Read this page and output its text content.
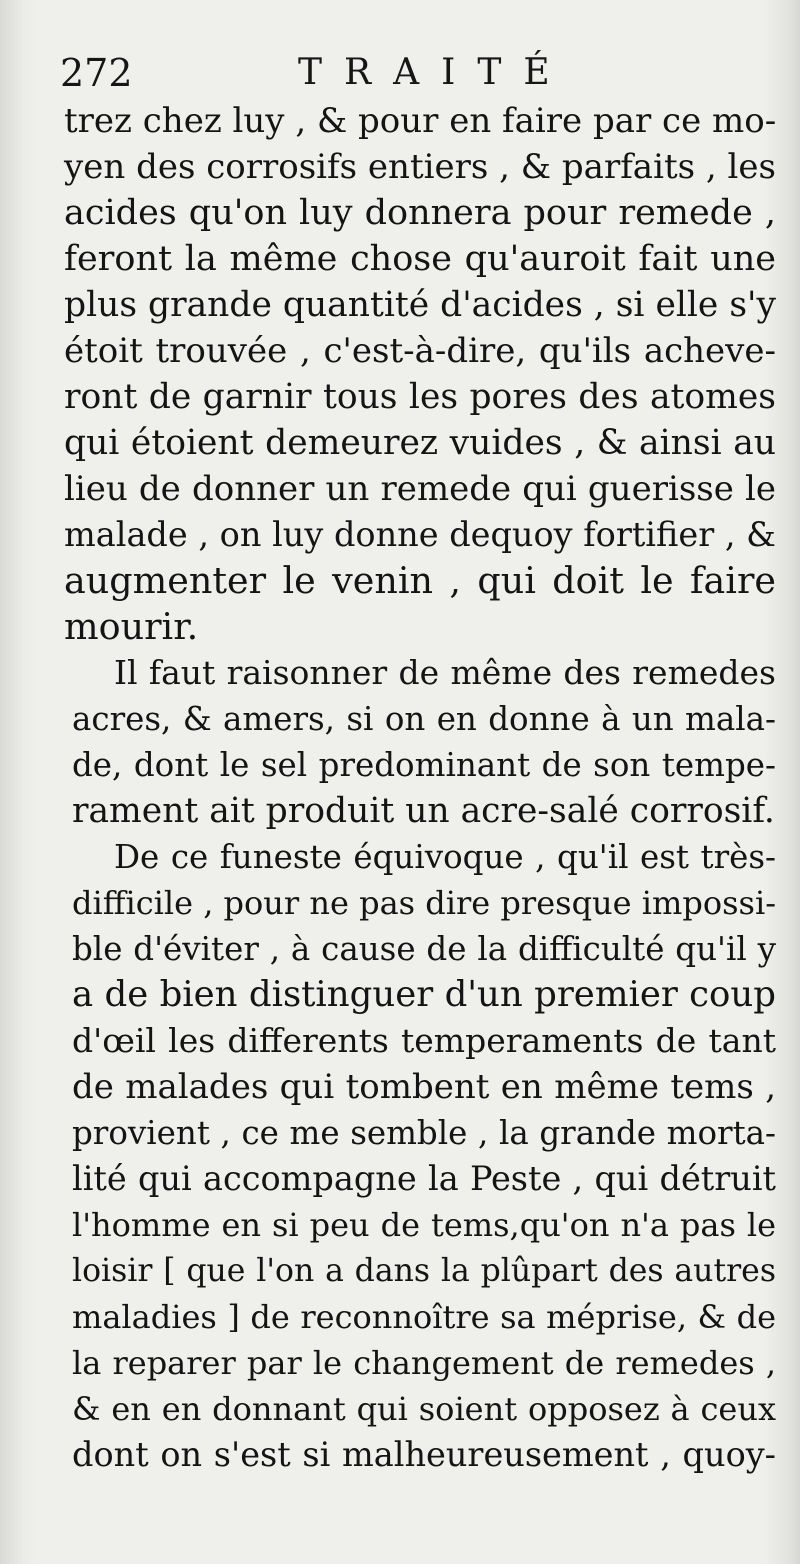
272	TRAITÉ
trez chez luy , & pour en faire par ce mo-
yen des corrosifs entiers , & parfaits , les
acides qu'on luy donnera pour remede ,
feront la même chose qu'auroit fait une
plus grande quantité d'acides , si elle s'y
étoit trouvée , c'est-à-dire, qu'ils acheve-
ront de garnir tous les pores des atomes
qui étoient demeurez vuides , & ainsi au
lieu de donner un remede qui guerisse le
malade , on luy donne dequoy fortifier , &
augmenter le venin , qui doit le faire
mourir.
Il faut raisonner de même des remedes
acres, & amers, si on en donne à un mala-
de, dont le sel predominant de son tempe-
rament ait produit un acre-salé corrosif.
De ce funeste équivoque , qu'il est très-
difficile , pour ne pas dire presque impossi-
ble d'éviter , à cause de la difficulté qu'il y
a de bien distinguer d'un premier coup
d'œil les differents temperaments de tant
de malades qui tombent en même tems ,
provient , ce me semble , la grande morta-
lité qui accompagne la Peste , qui détruit
l'homme en si peu de tems,qu'on n'a pas le
loisir [ que l'on a dans la plûpart des autres
maladies ] de reconnoître sa méprise, & de
la reparer par le changement de remedes ,
& en en donnant qui soient opposez à ceux
dont on s'est si malheureusement , quoy-
